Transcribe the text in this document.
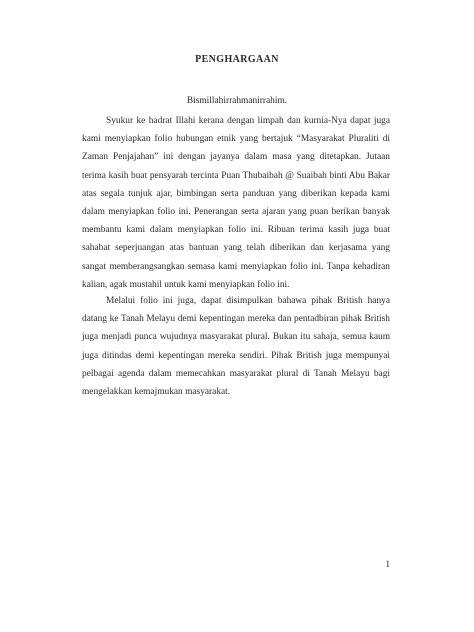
PENGHARGAAN
Bismillahirrahmanirrahim.

Syukur ke hadrat Illahi kerana dengan limpah dan kurnia-Nya dapat juga kami menyiapkan folio hubungan etnik yang bertajuk “Masyarakat Pluraliti di Zaman Penjajahan” ini dengan jayanya dalam masa yang ditetapkan. Jutaan terima kasih buat pensyarah tercinta Puan Thubaibah @ Suaibah binti Abu Bakar atas segala tunjuk ajar, bimbingan serta panduan yang diberikan kepada kami dalam menyiapkan folio ini. Penerangan serta ajaran yang puan berikan banyak membantu kami dalam menyiapkan folio ini. Ribuan terima kasih juga buat sahabat seperjuangan atas bantuan yang telah diberikan dan kerjasama yang sangat memberangsangkan semasa kami menyiapkan folio ini. Tanpa kehadiran kalian, agak mustahil untuk kami menyiapkan folio ini.

Melalui folio ini juga, dapat disimpulkan bahawa pihak British hanya datang ke Tanah Melayu demi kepentingan mereka dan pentadbiran pihak British juga menjadi punca wujudnya masyarakat plural. Bukan itu sahaja, semua kaum juga ditindas demi kepentingan mereka sendiri. Pihak British juga mempunyai pelbagai agenda dalam memecahkan masyarakat plural di Tanah Melayu bagi mengelakkan kemajmukan masyarakat.

1
